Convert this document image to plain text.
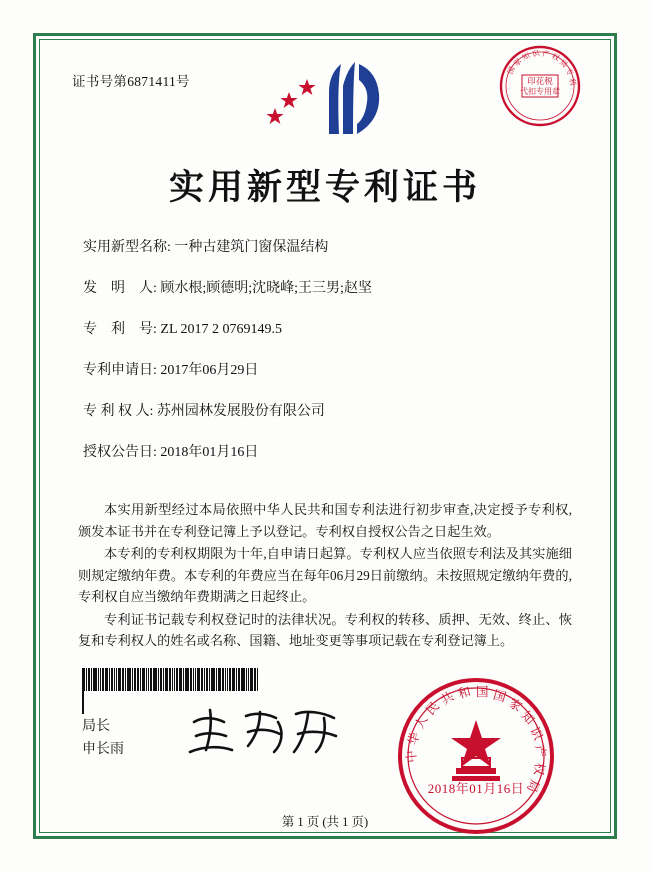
证书号第6871411号	印花税
代扣专用章
国
家
知 识 产 权
局
专
利
实用新型专利证书
实用新型名称: 一种古建筑门窗保温结构
发　明　人: 顾水根;顾德明;沈晓峰;王三男;赵坚
专　利　号: ZL 2017 2 0769149.5
专利申请日: 2017年06月29日
专 利 权 人: 苏州园林发展股份有限公司
授权公告日: 2018年01月16日

本实用新型经过本局依照中华人民共和国专利法进行初步审查,决定授予专利权,颁发本证书并在专利登记簿上予以登记。专利权自授权公告之日起生效。

本专利的专利权期限为十年,自申请日起算。专利权人应当依照专利法及其实施细则规定缴纳年费。本专利的年费应当在每年06月29日前缴纳。未按照规定缴纳年费的,专利权自应当缴纳年费期满之日起终止。

专利证书记载专利权登记时的法律状况。专利权的转移、质押、无效、终止、恢复和专利权人的姓名或名称、国籍、地址变更等事项记载在专利登记簿上。

局长
申长雨	中
华
人
民
共 和 国 国
家
知
识
产
权
局
2018年01月16日
第 1 页 (共 1 页)
